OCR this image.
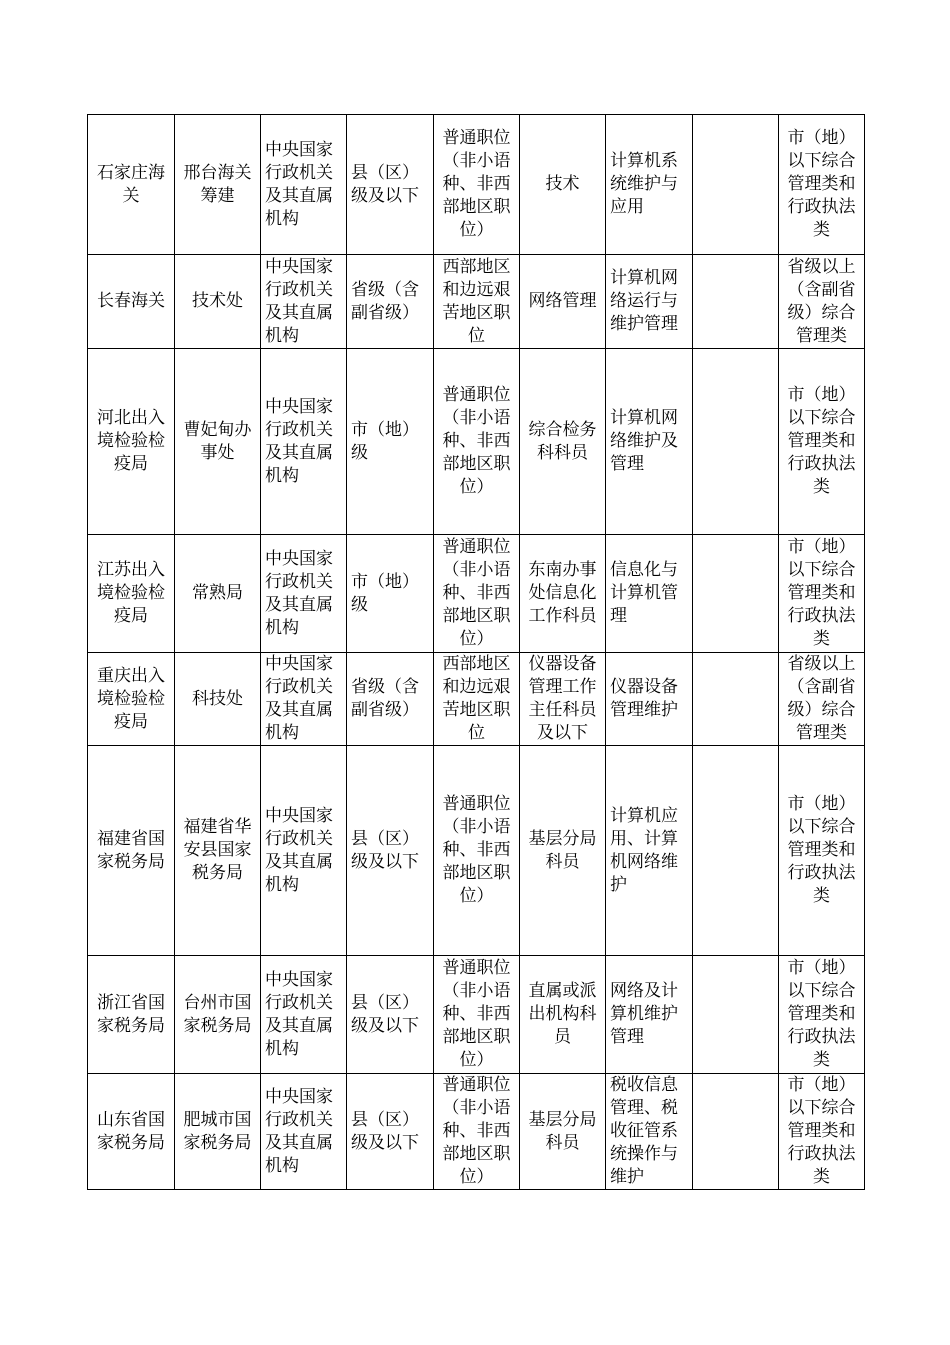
石家庄海关	邢台海关筹建	中央国家行政机关及其直属机构	县（区）级及以下	普通职位（非小语种、非西部地区职位）	技术	计算机系统维护与应用		市（地）以下综合管理类和行政执法类
长春海关	技术处	中央国家行政机关及其直属机构	省级（含副省级）	西部地区和边远艰苦地区职位	网络管理	计算机网络运行与维护管理		省级以上（含副省级）综合管理类
河北出入境检验检疫局	曹妃甸办事处	中央国家行政机关及其直属机构	市（地）级	普通职位（非小语种、非西部地区职位）	综合检务科科员	计算机网络维护及管理		市（地）以下综合管理类和行政执法类
江苏出入境检验检疫局	常熟局	中央国家行政机关及其直属机构	市（地）级	普通职位（非小语种、非西部地区职位）	东南办事处信息化工作科员	信息化与计算机管理		市（地）以下综合管理类和行政执法类
重庆出入境检验检疫局	科技处	中央国家行政机关及其直属机构	省级（含副省级）	西部地区和边远艰苦地区职位	仪器设备管理工作主任科员及以下	仪器设备管理维护		省级以上（含副省级）综合管理类
福建省国家税务局	福建省华安县国家税务局	中央国家行政机关及其直属机构	县（区）级及以下	普通职位（非小语种、非西部地区职位）	基层分局科员	计算机应用、计算机网络维护		市（地）以下综合管理类和行政执法类
浙江省国家税务局	台州市国家税务局	中央国家行政机关及其直属机构	县（区）级及以下	普通职位（非小语种、非西部地区职位）	直属或派出机构科员	网络及计算机维护管理		市（地）以下综合管理类和行政执法类
山东省国家税务局	肥城市国家税务局	中央国家行政机关及其直属机构	县（区）级及以下	普通职位（非小语种、非西部地区职位）	基层分局科员	税收信息管理、税收征管系统操作与维护		市（地）以下综合管理类和行政执法类
